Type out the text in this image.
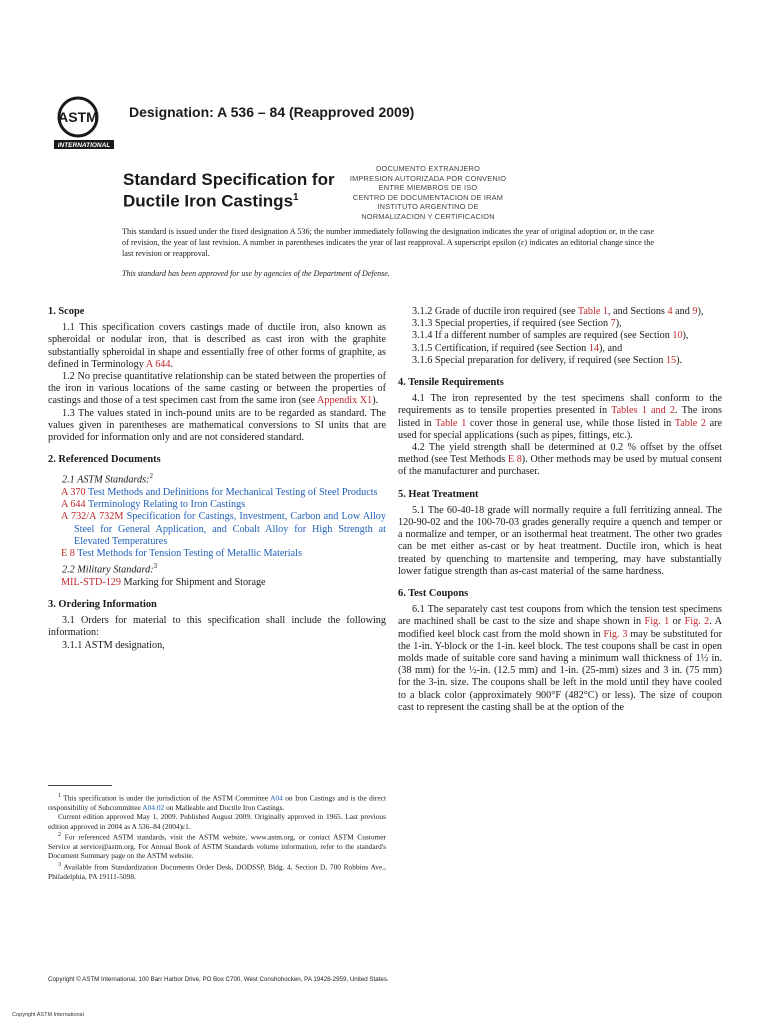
ASTM
INTERNATIONAL
Designation: A 536 – 84 (Reapproved 2009)
Standard Specification for
Ductile Iron Castings$^1$
DOCUMENTO EXTRANJERO
IMPRESION AUTORIZADA POR CONVENIO
ENTRE MIEMBROS DE ISO
CENTRO DE DOCUMENTACION DE IRAM
INSTITUTO ARGENTINO DE
NORMALIZACION Y CERTIFICACION
This standard is issued under the fixed designation A 536; the number immediately following the designation indicates the year of original adoption or, in the case of revision, the year of last revision. A number in parentheses indicates the year of last reapproval. A superscript epsilon (ε) indicates an editorial change since the last revision or reapproval.
This standard has been approved for use by agencies of the Department of Defense.

1. Scope

1.1 This specification covers castings made of ductile iron, also known as spheroidal or nodular iron, that is described as cast iron with the graphite substantially spheroidal in shape and essentially free of other forms of graphite, as defined in Terminology A 644.

1.2 No precise quantitative relationship can be stated between the properties of the iron in various locations of the same casting or between the properties of castings and those of a test specimen cast from the same iron (see Appendix X1).

1.3 The values stated in inch-pound units are to be regarded as standard. The values given in parentheses are mathematical conversions to SI units that are provided for information only and are not considered standard.

2. Referenced Documents

2.1 ASTM Standards:$^2$

A 370 Test Methods and Definitions for Mechanical Testing of Steel Products

A 644 Terminology Relating to Iron Castings

A 732/A 732M Specification for Castings, Investment, Carbon and Low Alloy Steel for General Application, and Cobalt Alloy for High Strength at Elevated Temperatures

E 8 Test Methods for Tension Testing of Metallic Materials

2.2 Military Standard:$^3$

MIL-STD-129 Marking for Shipment and Storage

3. Ordering Information

3.1 Orders for material to this specification shall include the following information:

3.1.1 ASTM designation,

3.1.2 Grade of ductile iron required (see Table 1, and Sections 4 and 9),

3.1.3 Special properties, if required (see Section 7),

3.1.4 If a different number of samples are required (see Section 10),

3.1.5 Certification, if required (see Section 14), and

3.1.6 Special preparation for delivery, if required (see Section 15).

4. Tensile Requirements

4.1 The iron represented by the test specimens shall conform to the requirements as to tensile properties presented in Tables 1 and 2. The irons listed in Table 1 cover those in general use, while those listed in Table 2 are used for special applications (such as pipes, fittings, etc.).

4.2 The yield strength shall be determined at 0.2 % offset by the offset method (see Test Methods E 8). Other methods may be used by mutual consent of the manufacturer and purchaser.

5. Heat Treatment

5.1 The 60-40-18 grade will normally require a full ferritizing anneal. The 120-90-02 and the 100-70-03 grades generally require a quench and temper or a normalize and temper, or an isothermal heat treatment. The other two grades can be met either as-cast or by heat treatment. Ductile iron, which is heat treated by quenching to martensite and tempering, may have substantially lower fatigue strength than as-cast material of the same hardness.

6. Test Coupons

6.1 The separately cast test coupons from which the tension test specimens are machined shall be cast to the size and shape shown in Fig. 1 or Fig. 2. A modified keel block cast from the mold shown in Fig. 3 may be substituted for the 1-in. Y-block or the 1-in. keel block. The test coupons shall be cast in open molds made of suitable core sand having a minimum wall thickness of 1½ in. (38 mm) for the ½-in. (12.5 mm) and 1-in. (25-mm) sizes and 3 in. (75 mm) for the 3-in. size. The coupons shall be left in the mold until they have cooled to a black color (approximately 900°F (482°C) or less). The size of coupon cast to represent the casting shall be at the option of the

$^1$ This specification is under the jurisdiction of the ASTM Committee A04 on Iron Castings and is the direct responsibility of Subcommittee A04.02 on Malleable and Ductile Iron Castings.

Current edition approved May 1, 2009. Published August 2009. Originally approved in 1965. Last previous edition approved in 2004 as A 536–84 (2004)ε1.

$^2$ For referenced ASTM standards, visit the ASTM website, www.astm.org, or contact ASTM Customer Service at service@astm.org. For Annual Book of ASTM Standards volume information, refer to the standard's Document Summary page on the ASTM website.

$^3$ Available from Standardization Documents Order Desk, DODSSP, Bldg. 4, Section D, 700 Robbins Ave., Philadelphia, PA 19111-5098.

Copyright © ASTM International, 100 Barr Harbor Drive, PO Box C700, West Conshohocken, PA 19428-2959, United States.
Copyright ASTM International
